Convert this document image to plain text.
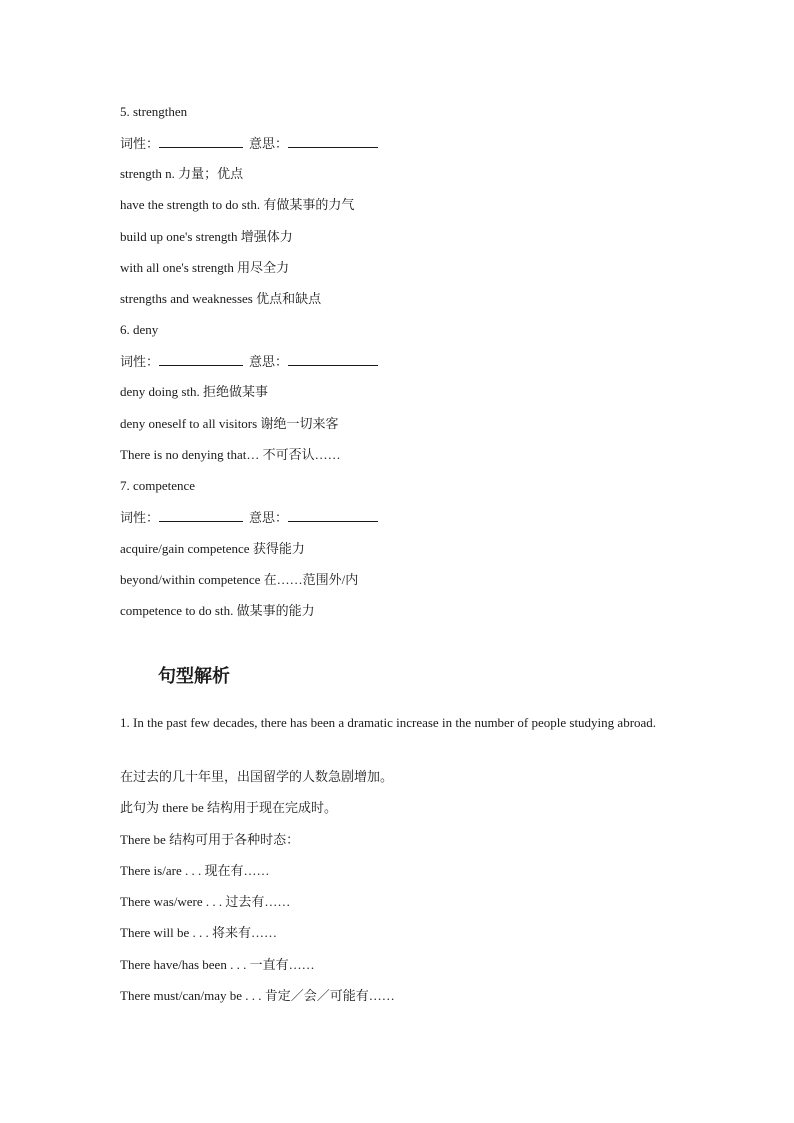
5. strengthen
词性：	意思：
strength n. 力量；优点
have the strength to do sth. 有做某事的力气
build up one's strength 增强体力
with all one's strength 用尽全力
strengths and weaknesses 优点和缺点
6. deny
词性：	意思：
deny doing sth. 拒绝做某事
deny oneself to all visitors 谢绝一切来客
There is no denying that… 不可否认……
7. competence
词性：	意思：
acquire/gain competence 获得能力
beyond/within competence 在……范围外/内
competence to do sth. 做某事的能力
句型解析
1. In the past few decades, there has been a dramatic increase in the number of people studying abroad.
在过去的几十年里，出国留学的人数急剧增加。
此句为 there be 结构用于现在完成时。
There be 结构可用于各种时态：
There is/are . . . 现在有……
There was/were . . . 过去有……
There will be . . . 将来有……
There have/has been . . . 一直有……
There must/can/may be . . . 肯定／会／可能有……
